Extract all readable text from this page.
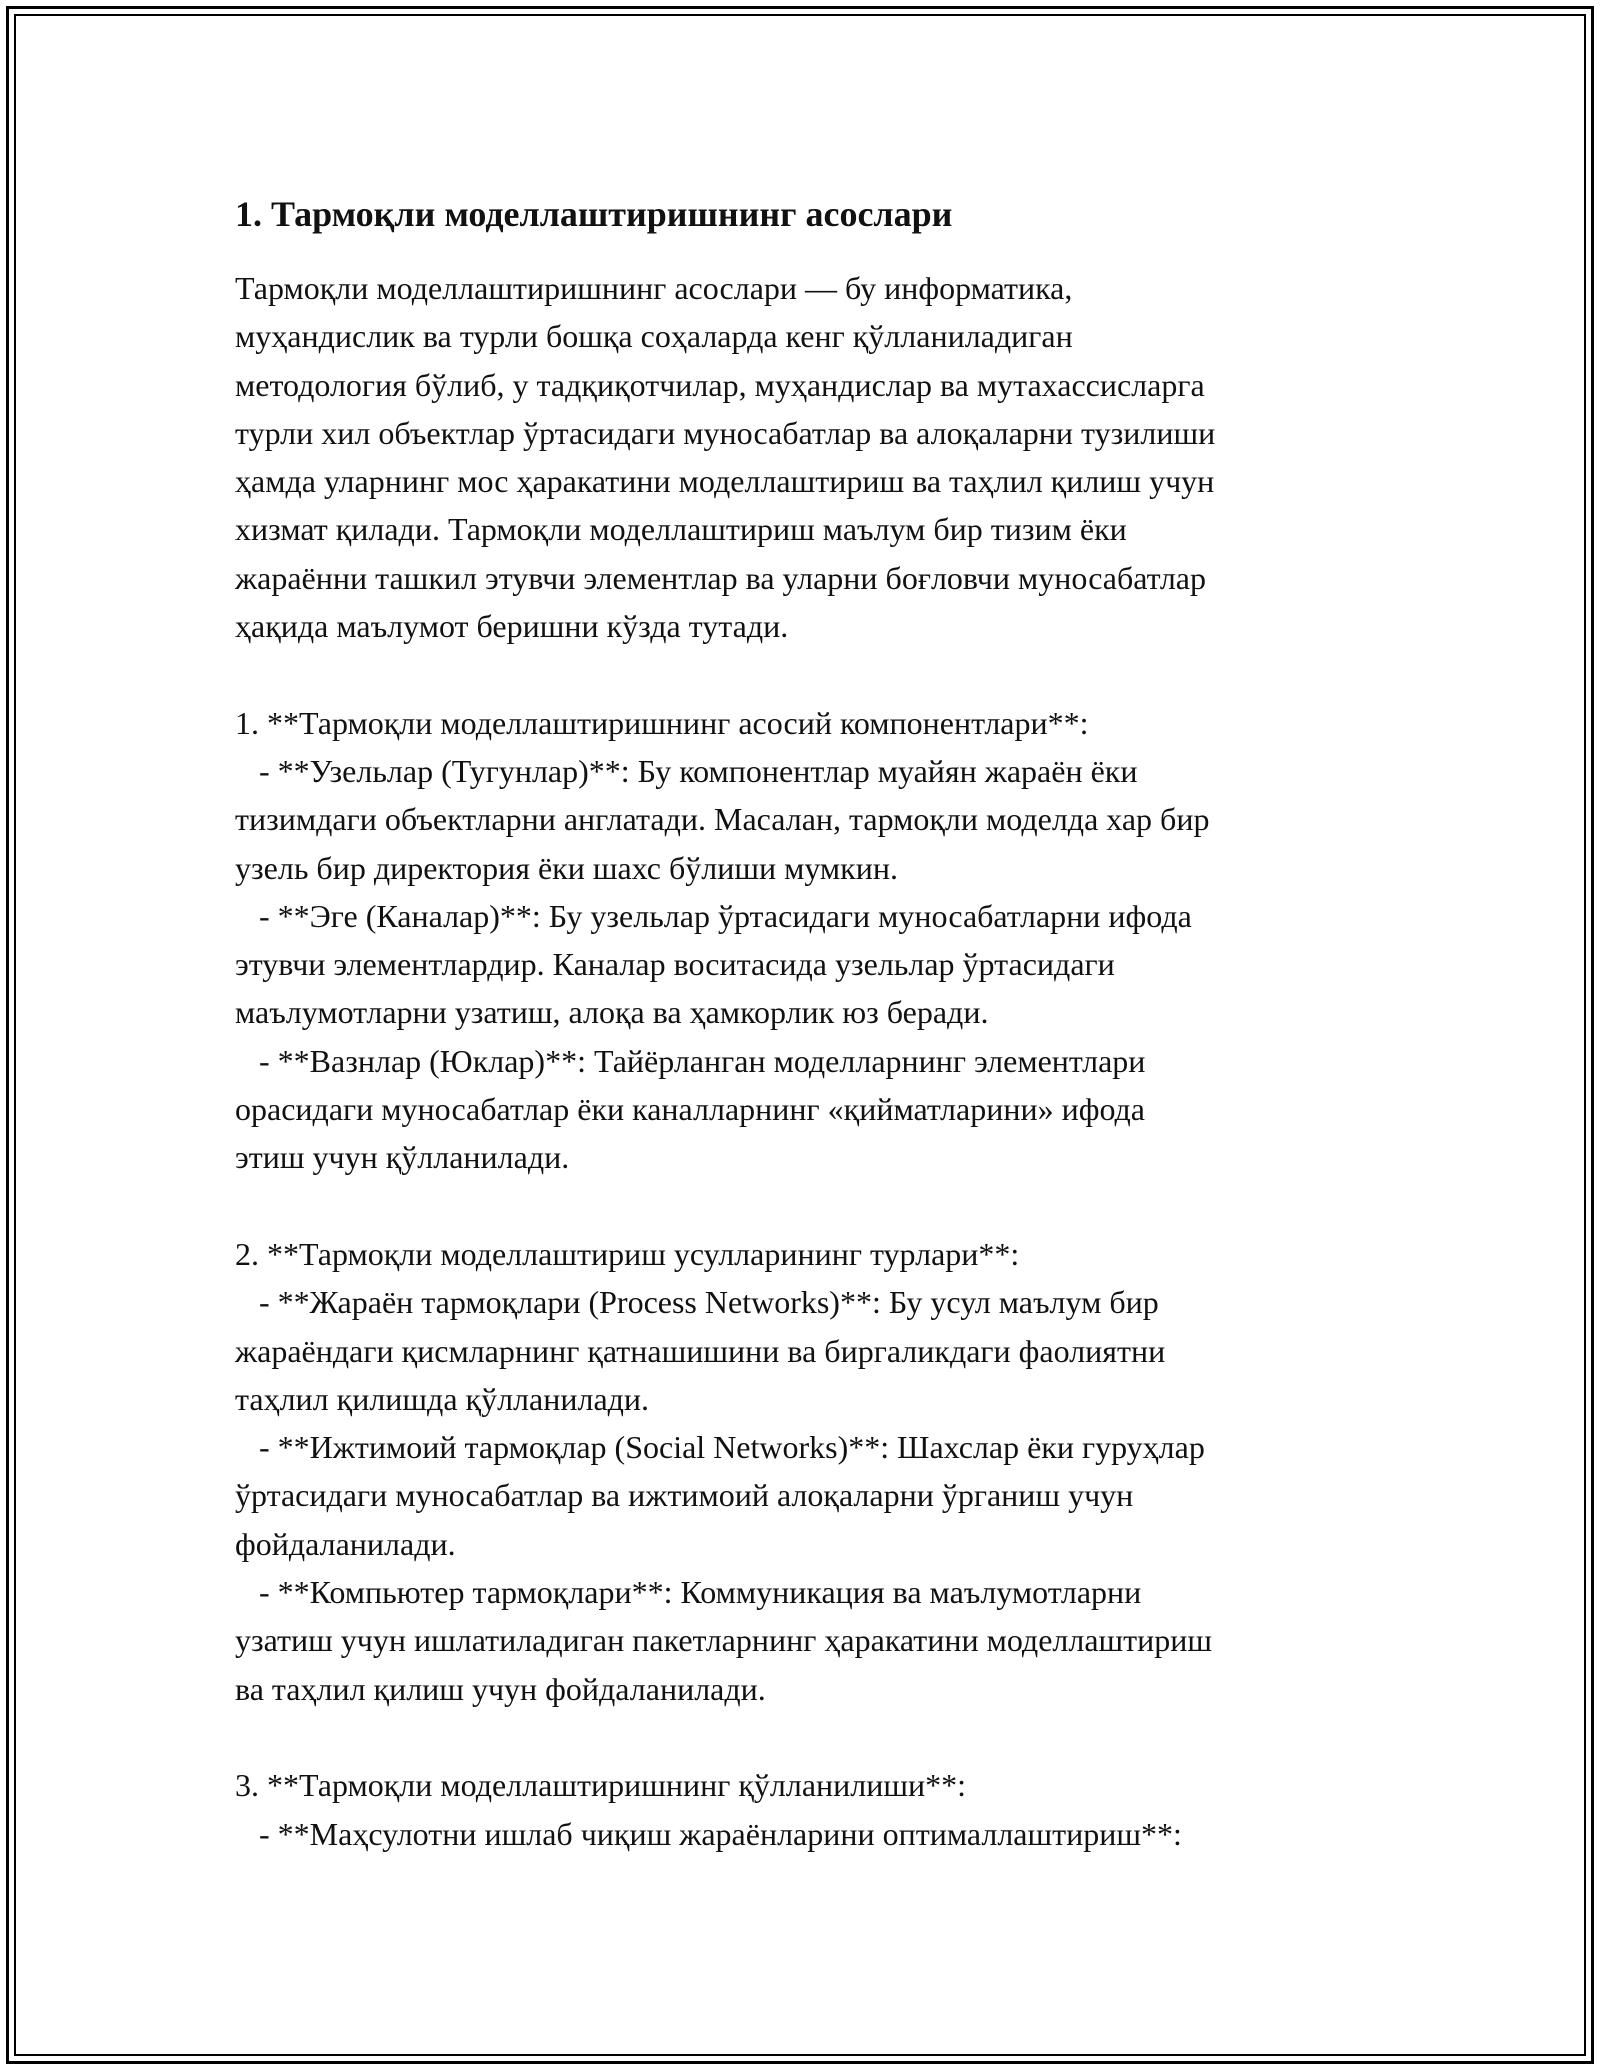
1. Тармоқли моделлаштиришнинг асослари

Тармоқли моделлаштиришнинг асослари — бу информатика,

муҳандислик ва турли бошқа соҳаларда кенг қўлланиладиган

методология бўлиб, у тадқиқотчилар, муҳандислар ва мутахассисларга

турли хил объектлар ўртасидаги муносабатлар ва алоқаларни тузилиши

ҳамда уларнинг мос ҳаракатини моделлаштириш ва таҳлил қилиш учун

хизмат қилади. Тармоқли моделлаштириш маълум бир тизим ёки

жараённи ташкил этувчи элементлар ва уларни боғловчи муносабатлар

ҳақида маълумот беришни кўзда тутади.

1. **Тармоқли моделлаштиришнинг асосий компонентлари**:

- **Узельлар (Тугунлар)**: Бу компонентлар муайян жараён ёки

тизимдаги объектларни англатади. Масалан, тармоқли моделда хар бир

узель бир директория ёки шахс бўлиши мумкин.

- **Эге (Каналар)**: Бу узельлар ўртасидаги муносабатларни ифода

этувчи элементлардир. Каналар воситасида узельлар ўртасидаги

маълумотларни узатиш, алоқа ва ҳамкорлик юз беради.

- **Вазнлар (Юклар)**: Тайёрланган моделларнинг элементлари

орасидаги муносабатлар ёки каналларнинг «қийматларини» ифода

этиш учун қўлланилади.

2. **Тармоқли моделлаштириш усулларининг турлари**:

- **Жараён тармоқлари (Process Networks)**: Бу усул маълум бир

жараёндаги қисмларнинг қатнашишини ва биргаликдаги фаолиятни

таҳлил қилишда қўлланилади.

- **Ижтимоий тармоқлар (Social Networks)**: Шахслар ёки гуруҳлар

ўртасидаги муносабатлар ва ижтимоий алоқаларни ўрганиш учун

фойдаланилади.

- **Компьютер тармоқлари**: Коммуникация ва маълумотларни

узатиш учун ишлатиладиган пакетларнинг ҳаракатини моделлаштириш

ва таҳлил қилиш учун фойдаланилади.

3. **Тармоқли моделлаштиришнинг қўлланилиши**:

- **Маҳсулотни ишлаб чиқиш жараёнларини оптималлаштириш**:
